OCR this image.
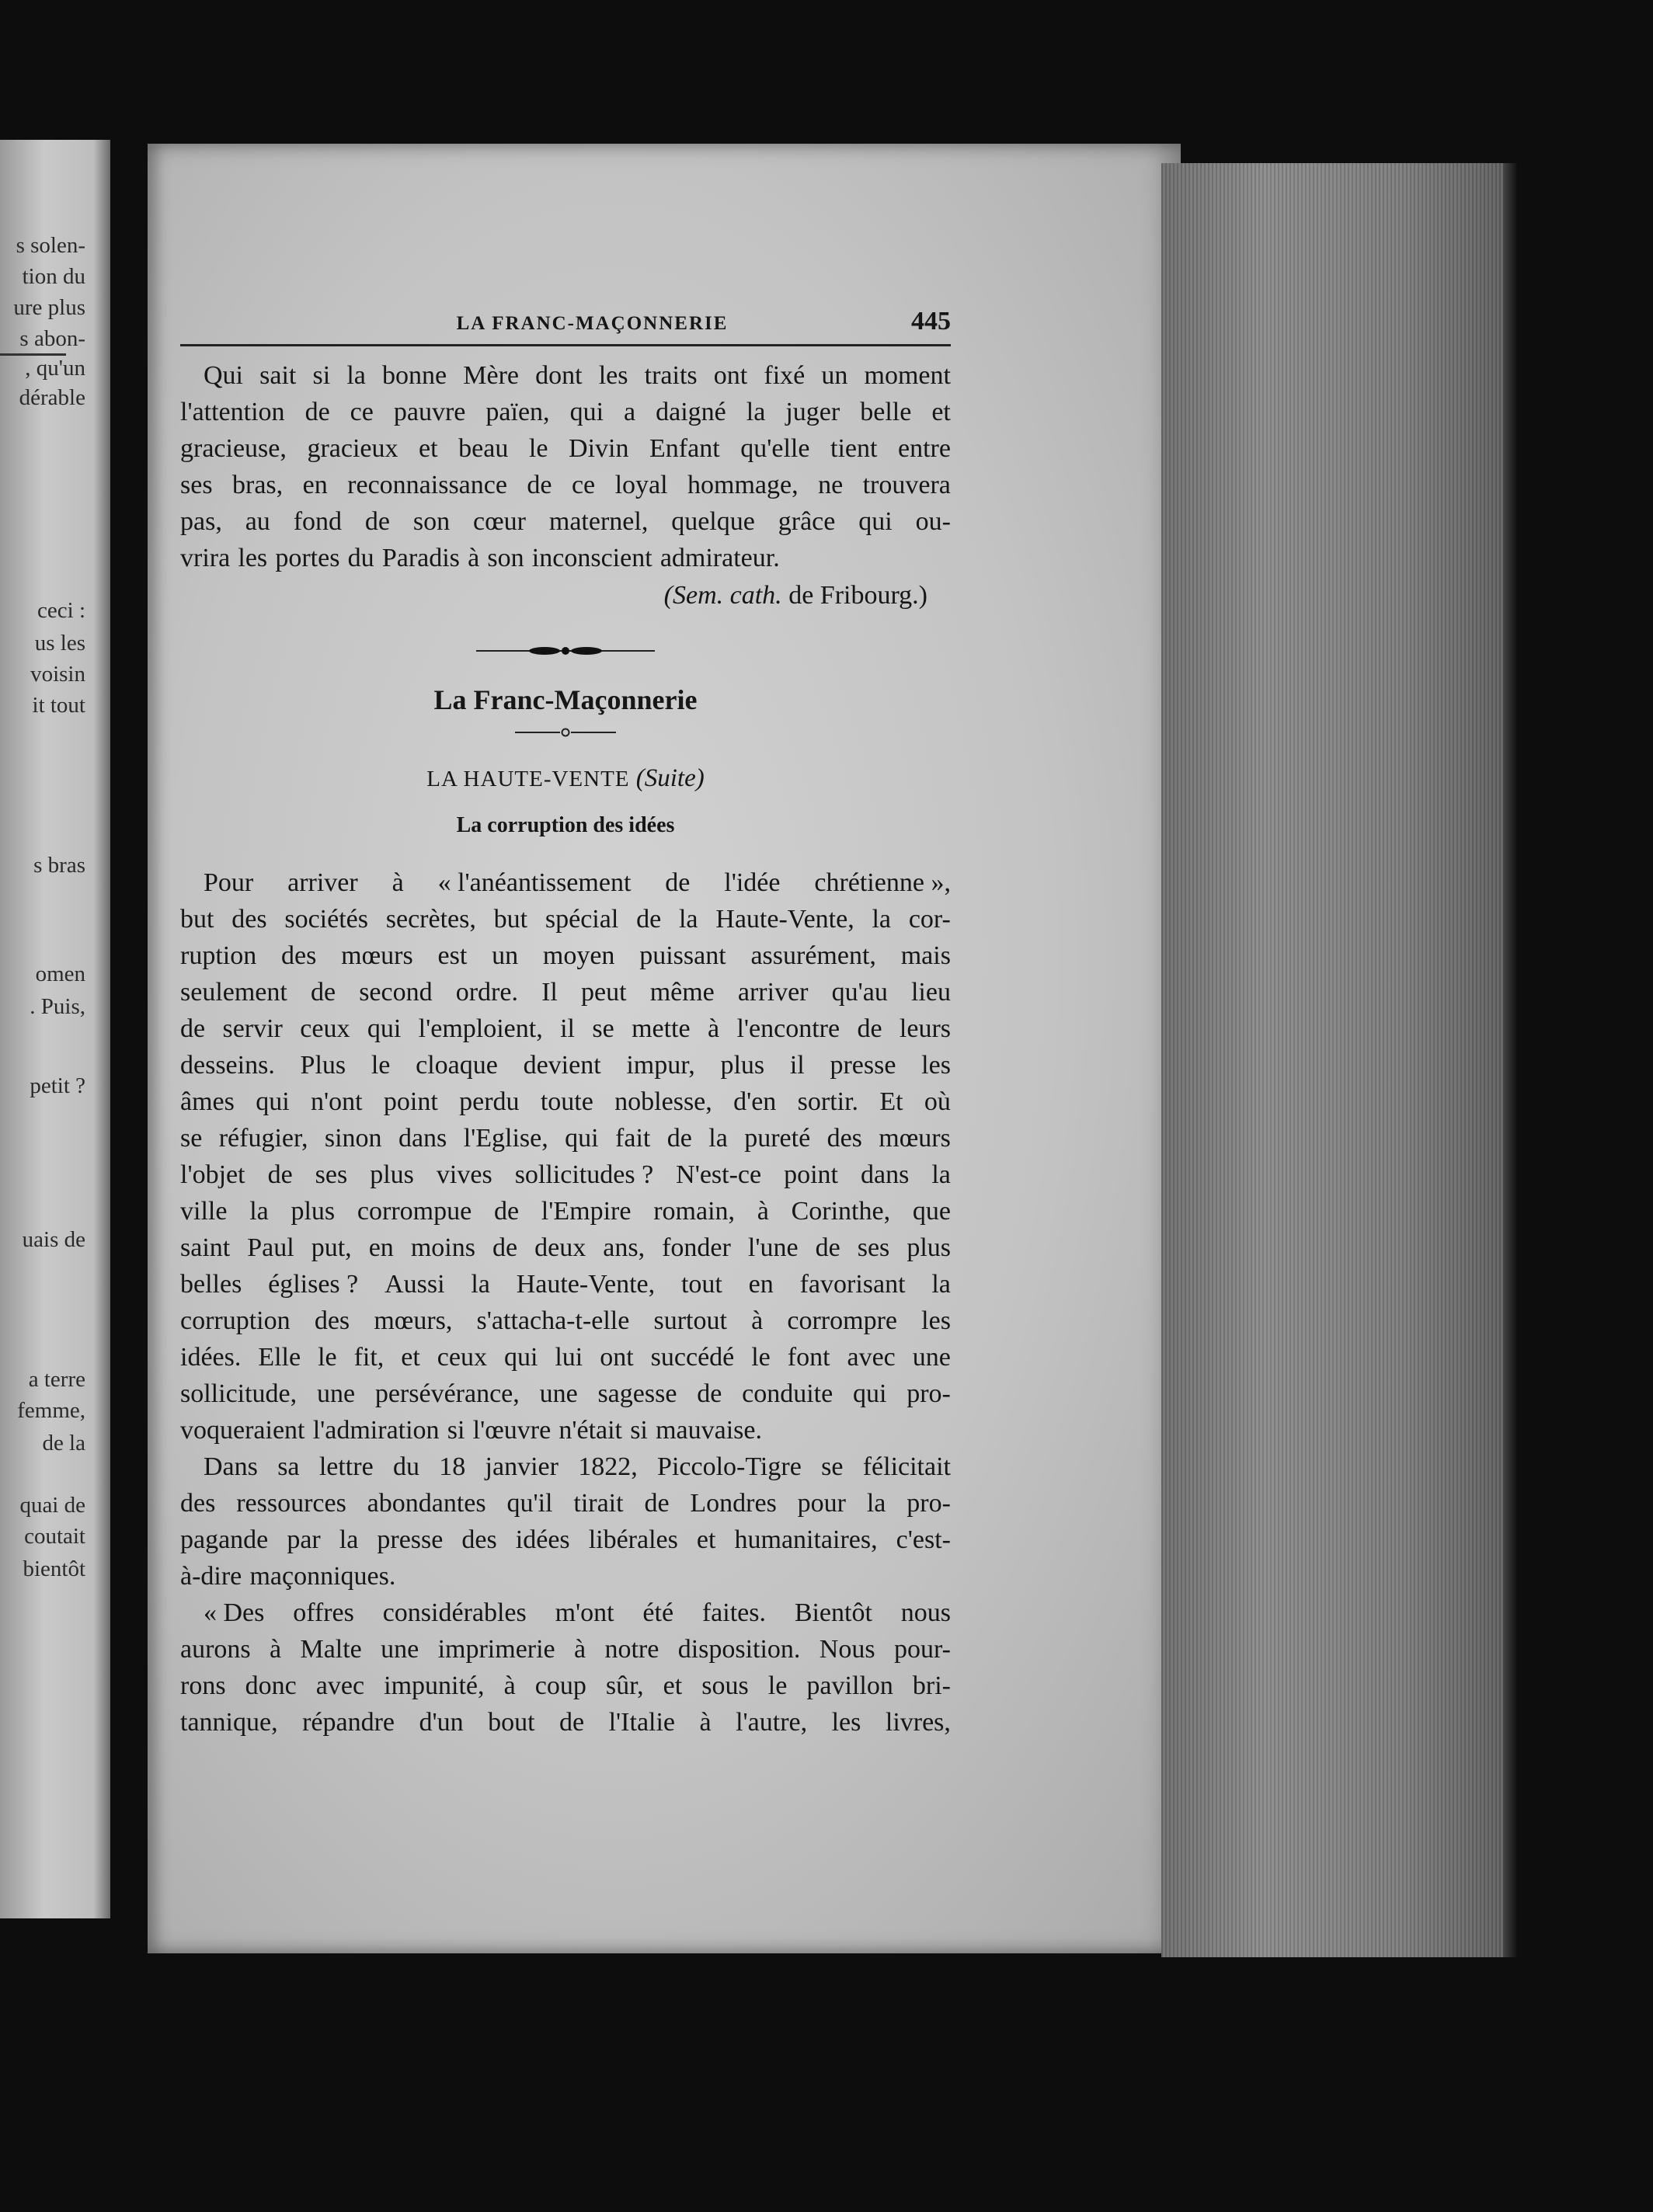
s solen-
tion du
ure plus
s abon-
, qu'un
dérable
ceci :
us les
voisin
it tout
s bras
omen
. Puis,
petit ?
uais de
a terre
femme,
de la
quai de
coutait
bientôt
LA FRANC-MAÇONNERIE	445
Qui sait si la bonne Mère dont les traits ont fixé un moment
l'attention de ce pauvre païen, qui a daigné la juger belle et
gracieuse, gracieux et beau le Divin Enfant qu'elle tient entre
ses bras, en reconnaissance de ce loyal hommage, ne trouvera
pas, au fond de son cœur maternel, quelque grâce qui ou-
vrira les portes du Paradis à son inconscient admirateur.
(Sem. cath. de Fribourg.)
La Franc-Maçonnerie
LA HAUTE-VENTE (Suite)
La corruption des idées
Pour arriver à « l'anéantissement de l'idée chrétienne »,
but des sociétés secrètes, but spécial de la Haute-Vente, la cor-
ruption des mœurs est un moyen puissant assurément, mais
seulement de second ordre. Il peut même arriver qu'au lieu
de servir ceux qui l'emploient, il se mette à l'encontre de leurs
desseins. Plus le cloaque devient impur, plus il presse les
âmes qui n'ont point perdu toute noblesse, d'en sortir. Et où
se réfugier, sinon dans l'Eglise, qui fait de la pureté des mœurs
l'objet de ses plus vives sollicitudes ? N'est-ce point dans la
ville la plus corrompue de l'Empire romain, à Corinthe, que
saint Paul put, en moins de deux ans, fonder l'une de ses plus
belles églises ? Aussi la Haute-Vente, tout en favorisant la
corruption des mœurs, s'attacha-t-elle surtout à corrompre les
idées. Elle le fit, et ceux qui lui ont succédé le font avec une
sollicitude, une persévérance, une sagesse de conduite qui pro-
voqueraient l'admiration si l'œuvre n'était si mauvaise.
Dans sa lettre du 18 janvier 1822, Piccolo-Tigre se félicitait
des ressources abondantes qu'il tirait de Londres pour la pro-
pagande par la presse des idées libérales et humanitaires, c'est-
à-dire maçonniques.
« Des offres considérables m'ont été faites. Bientôt nous
aurons à Malte une imprimerie à notre disposition. Nous pour-
rons donc avec impunité, à coup sûr, et sous le pavillon bri-
tannique, répandre d'un bout de l'Italie à l'autre, les livres,
